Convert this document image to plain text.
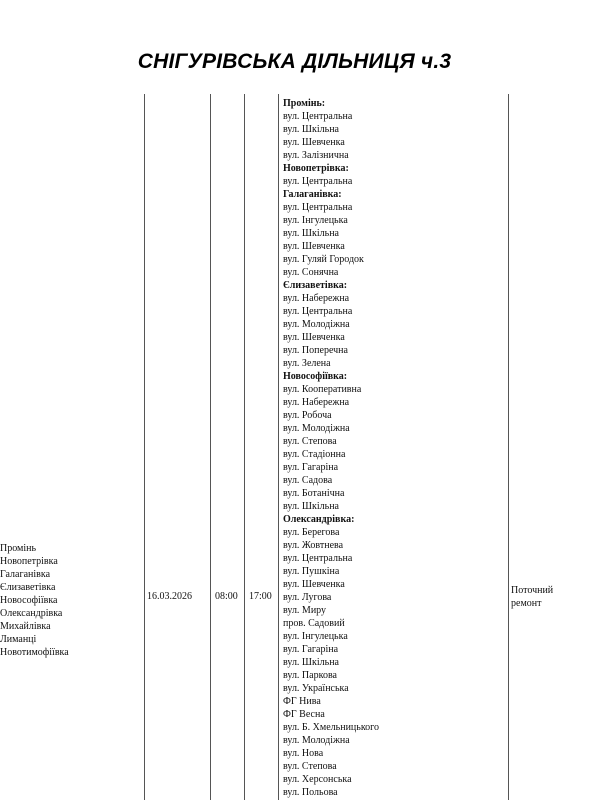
СНІГУРІВСЬКА ДІЛЬНИЦЯ ч.3
Промінь
Новопетрівка
Галаганівка
Єлизаветівка
Новософіївка
Олександрівка
Михайлівка
Лиманці
Новотимофіївка
16.03.2026 08:00 17:00
Промінь:
вул. Центральна
вул. Шкільна
вул. Шевченка
вул. Залізнична
Новопетрівка:
вул. Центральна
Галаганівка:
вул. Центральна
вул. Інгулецька
вул. Шкільна
вул. Шевченка
вул. Гуляй Городок
вул. Сонячна
Єлизаветівка:
вул. Набережна
вул. Центральна
вул. Молодіжна
вул. Шевченка
вул. Поперечна
вул. Зелена
Новософіївка:
вул. Кооперативна
вул. Набережна
вул. Робоча
вул. Молодіжна
вул. Степова
вул. Стадіонна
вул. Гагаріна
вул. Садова
вул. Ботанічна
вул. Шкільна
Олександрівка:
вул. Берегова
вул. Жовтнева
вул. Центральна
вул. Пушкіна
вул. Шевченка
вул. Лугова
вул. Миру
пров. Садовий
вул. Інгулецька
вул. Гагаріна
вул. Шкільна
вул. Паркова
вул. Українська
ФГ Нива
ФГ Весна
вул. Б. Хмельницького
вул. Молодіжна
вул. Нова
вул. Степова
вул. Херсонська
вул. Польова
Поточний ремонт
